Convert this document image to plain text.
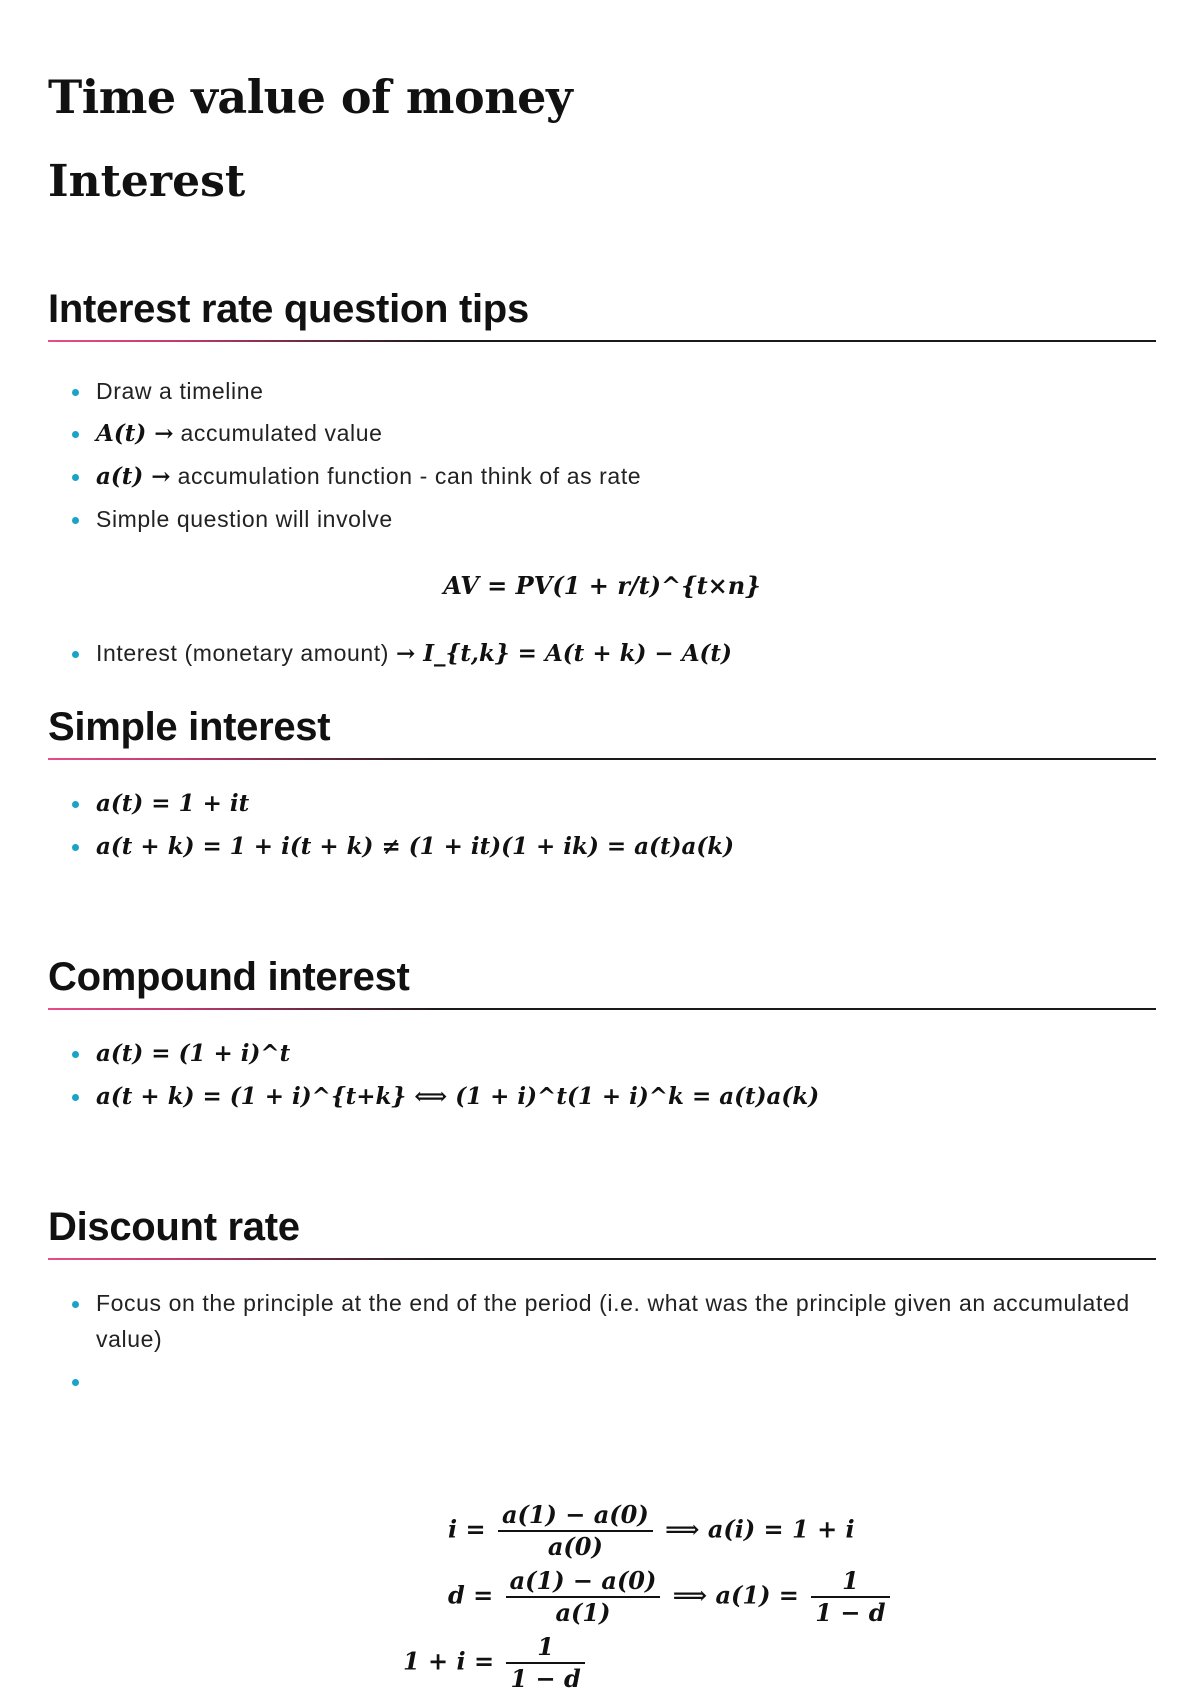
Time value of money
Interest
Interest rate question tips
Draw a timeline
A(t) → accumulated value
a(t) → accumulation function - can think of as rate
Simple question will involve
AV = PV(1 + r/t)^{t×n}
Interest (monetary amount) → I_{t,k} = A(t + k) − A(t)
Simple interest
a(t) = 1 + it
a(t + k) = 1 + i(t + k) ≠ (1 + it)(1 + ik) = a(t)a(k)
Compound interest
a(t) = (1 + i)^t
a(t + k) = (1 + i)^{t+k} ⟺ (1 + i)^t(1 + i)^k = a(t)a(k)
Discount rate
Focus on the principle at the end of the period (i.e. what was the principle given an accumulated value)
$i = \frac{a(1) - a(0)}{a(0)}$ ⟹ a(i) = 1 + i
$d = \frac{a(1) - a(0)}{a(1)}$ ⟹ $a(1) = \frac{1}{1 - d}$
$1 + i = \frac{1}{1 - d}$
